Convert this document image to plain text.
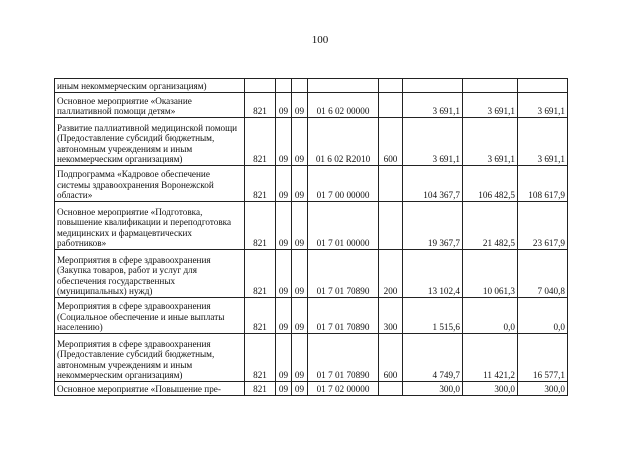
100
иным некоммерческим организациям)								
Основное мероприятие «Оказание паллиативной помощи детям»	821	09	09	01 6 02 00000		3 691,1	3 691,1	3 691,1
Развитие паллиативной медицинской помощи (Предоставление субсидий бюджетным, автономным учреждениям и иным некоммерческим организациям)	821	09	09	01 6 02 R2010	600	3 691,1	3 691,1	3 691,1
Подпрограмма «Кадровое обеспечение системы здравоохранения Воронежской области»	821	09	09	01 7 00 00000		104 367,7	106 482,5	108 617,9
Основное мероприятие «Подготовка, повышение квалификации и переподготовка медицинских и фармацевтических работников»	821	09	09	01 7 01 00000		19 367,7	21 482,5	23 617,9
Мероприятия в сфере здравоохранения (Закупка товаров, работ и услуг для обеспечения государственных (муниципальных) нужд)	821	09	09	01 7 01 70890	200	13 102,4	10 061,3	7 040,8
Мероприятия в сфере здравоохранения (Социальное обеспечение и иные выплаты населению)	821	09	09	01 7 01 70890	300	1 515,6	0,0	0,0
Мероприятия в сфере здравоохранения (Предоставление субсидий бюджетным, автономным учреждениям и иным некоммерческим организациям)	821	09	09	01 7 01 70890	600	4 749,7	11 421,2	16 577,1
Основное мероприятие «Повышение пре-	821	09	09	01 7 02 00000		300,0	300,0	300,0
